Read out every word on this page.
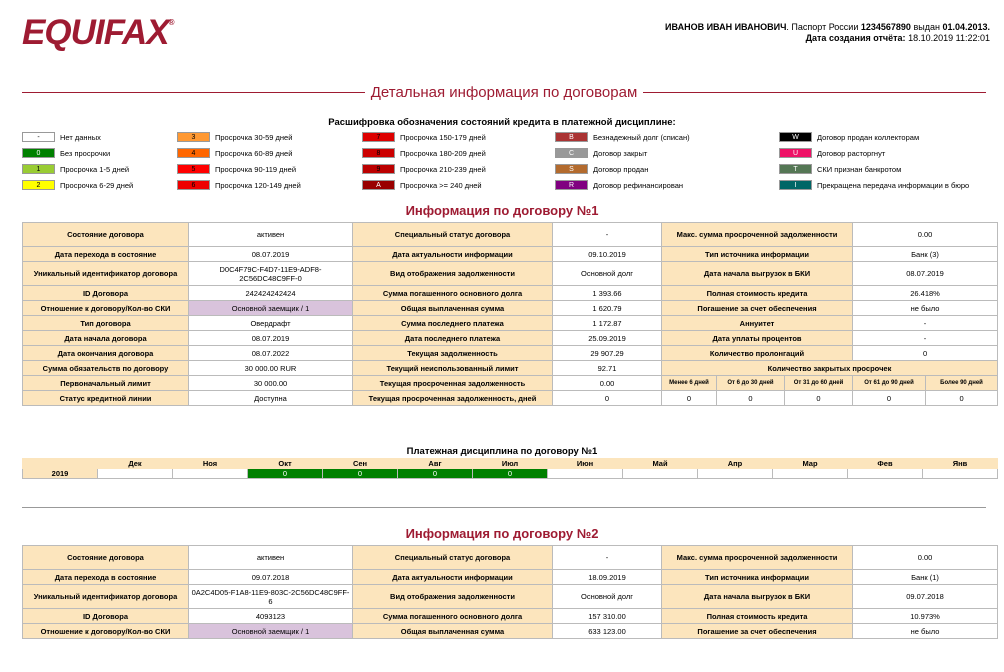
EQUIFAX®	ИВАНОВ ИВАН ИВАНОВИЧ. Паспорт России 1234567890 выдан 01.04.2013.
Дата создания отчёта: 18.10.2019 11:22:01
Детальная информация по договорам
Расшифровка обозначения состояний кредита в платежной дисциплине:
-	Нет данных
0	Без просрочки
1	Просрочка 1-5 дней
2	Просрочка 6-29 дней
3	Просрочка 30-59 дней
4	Просрочка 60-89 дней
5	Просрочка 90-119 дней
6	Просрочка 120-149 дней
7	Просрочка 150-179 дней
8	Просрочка 180-209 дней
9	Просрочка 210-239 дней
A	Просрочка >= 240 дней
B	Безнадежный долг (списан)
C	Договор закрыт
S	Договор продан
R	Договор рефинансирован
W	Договор продан коллекторам
U	Договор расторгнут
T	СКИ признан банкротом
I	Прекращена передача информации в бюро
Информация по договору №1
Состояние договора	активен	Специальный статус договора	-	Макс. сумма просроченной задолженности			0.00	
Дата перехода в состояние	08.07.2019	Дата актуальности информации	09.10.2019	Тип источника информации			Банк (3)	
Уникальный идентификатор договора	D0C4F79C-F4D7-11E9-ADF8-2C56DC48C9FF-0	Вид отображения задолженности	Основной долг	Дата начала выгрузок в БКИ			08.07.2019	
ID Договора	242424242424	Сумма погашенного основного долга	1 393.66	Полная стоимость кредита			26.418%	
Отношение к договору/Кол-во СКИ	Основной заемщик / 1	Общая выплаченная сумма	1 620.79	Погашение за счет обеспечения			не было	
Тип договора	Овердрафт	Сумма последнего платежа	1 172.87	Аннуитет			-	
Дата начала договора	08.07.2019	Дата последнего платежа	25.09.2019	Дата уплаты процентов			-	
Дата окончания договора	08.07.2022	Текущая задолженность	29 907.29	Количество пролонгаций			0	
Сумма обязательств по договору	30 000.00 RUR	Текущий неиспользованный лимит	92.71	Количество закрытых просрочек				
Первоначальный лимит	30 000.00	Текущая просроченная задолженность	0.00	Менее 6 дней	От 6 до 30 дней	От 31 до 60 дней	От 61 до 90 дней	Более 90 дней
Статус кредитной линии	Доступна	Текущая просроченная задолженность, дней	0	0	0	0	0	0
Платежная дисциплина по договору №1
	Дек	Ноя	Окт	Сен	Авг	Июл	Июн	Май	Апр	Мар	Фев	Янв
2019			0	0	0	0						
Информация по договору №2
Состояние договора	активен	Специальный статус договора	-	Макс. сумма просроченной задолженности	0.00
Дата перехода в состояние	09.07.2018	Дата актуальности информации	18.09.2019	Тип источника информации	Банк (1)
Уникальный идентификатор договора	0A2C4D05-F1A8-11E9-803C-2C56DC48C9FF-6	Вид отображения задолженности	Основной долг	Дата начала выгрузок в БКИ	09.07.2018
ID Договора	4093123	Сумма погашенного основного долга	157 310.00	Полная стоимость кредита	10.973%
Отношение к договору/Кол-во СКИ	Основной заемщик / 1	Общая выплаченная сумма	633 123.00	Погашение за счет обеспечения	не было
